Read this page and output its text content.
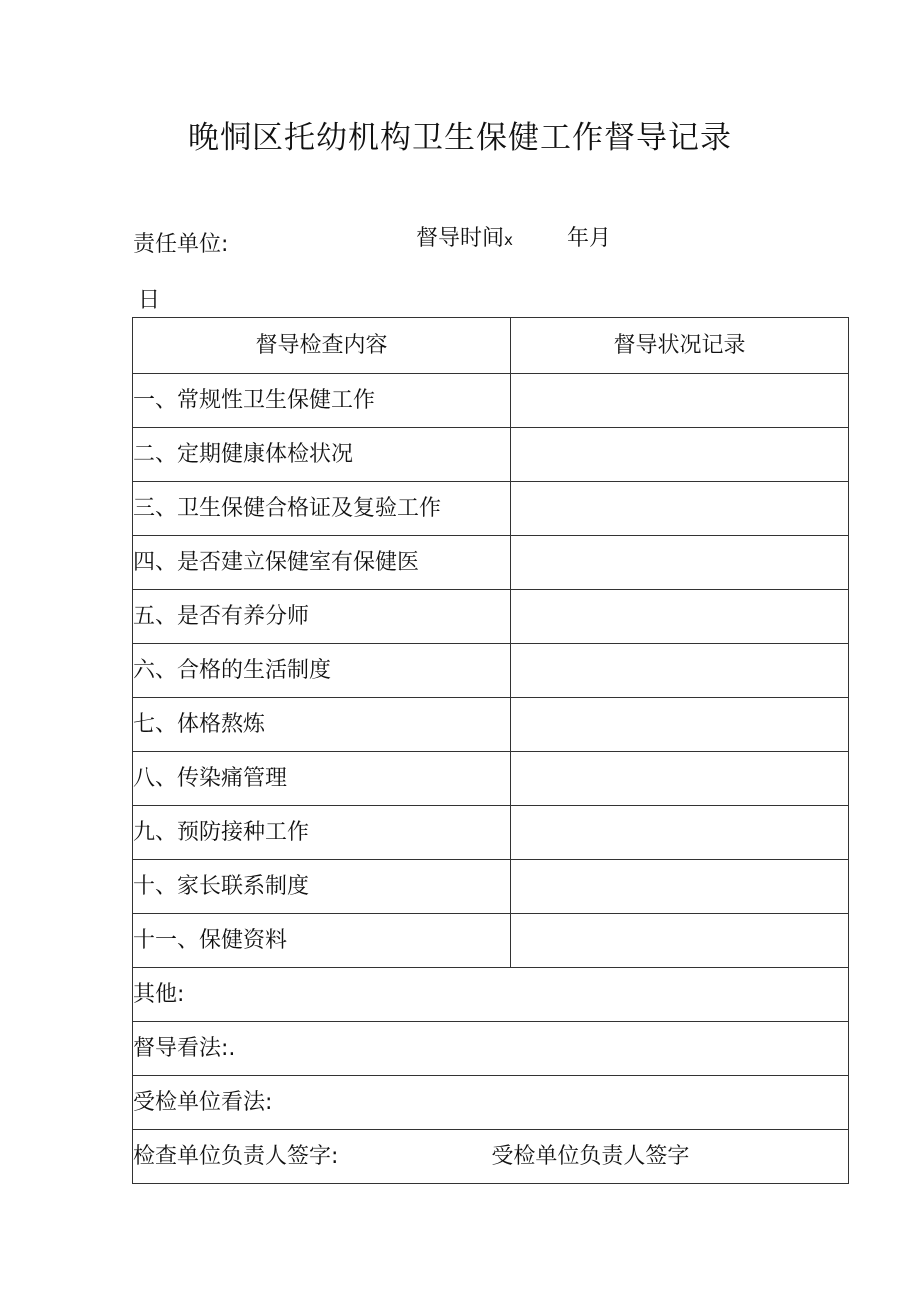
晚恫区托幼机构卫生保健工作督导记录
责任单位:	督导时间x 年月
日
督导检查内容	督导状况记录
一、常规性卫生保健工作	
二、定期健康体检状况	
三、卫生保健合格证及复验工作	
四、是否建立保健室有保健医	
五、是否有养分师	
六、合格的生活制度	
七、体格熬炼	
八、传染痛管理	
九、预防接种工作	
十、家长联系制度	
十一、保健资料	
其他:	
督导看法:.	
受检单位看法:	
检查单位负责人签字: 受检单位负责人签字	
